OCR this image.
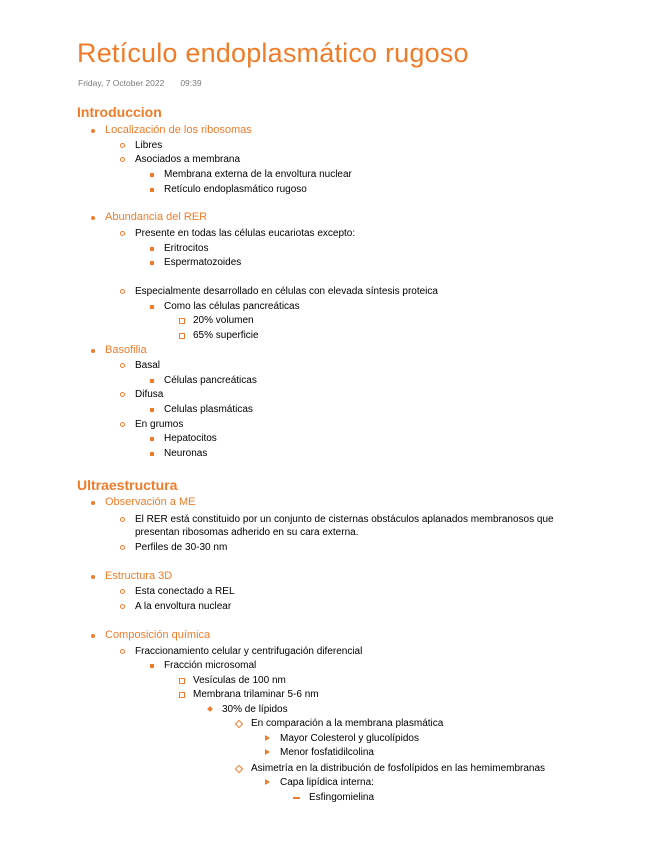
Retículo endoplasmático rugoso
Friday, 7 October 2022 09:39
Introduccion
Localización de los ribosomas
Libres
Asociados a membrana
Membrana externa de la envoltura nuclear
Retículo endoplasmático rugoso
Abundancia del RER
Presente en todas las células eucariotas excepto:
Eritrocitos
Espermatozoides
Especialmente desarrollado en células con elevada síntesis proteica
Como las células pancreáticas
20% volumen
65% superficie
Basofilia
Basal
Células pancreáticas
Difusa
Celulas plasmáticas
En grumos
Hepatocitos
Neuronas
Ultraestructura
Observación a ME
El RER está constituido por un conjunto de cisternas obstáculos aplanados membranosos que
presentan ribosomas adherido en su cara externa.
Perfiles de 30-30 nm
Estructura 3D
Esta conectado a REL
A la envoltura nuclear
Composición química
Fraccionamiento celular y centrifugación diferencial
Fracción microsomal
Vesículas de 100 nm
Membrana trilaminar 5-6 nm
30% de lípidos
En comparación a la membrana plasmática
Mayor Colesterol y glucolípidos
Menor fosfatidilcolina
Asimetría en la distribución de fosfolípidos en las hemimembranas
Capa lipídica interna:
Esfingomielina
